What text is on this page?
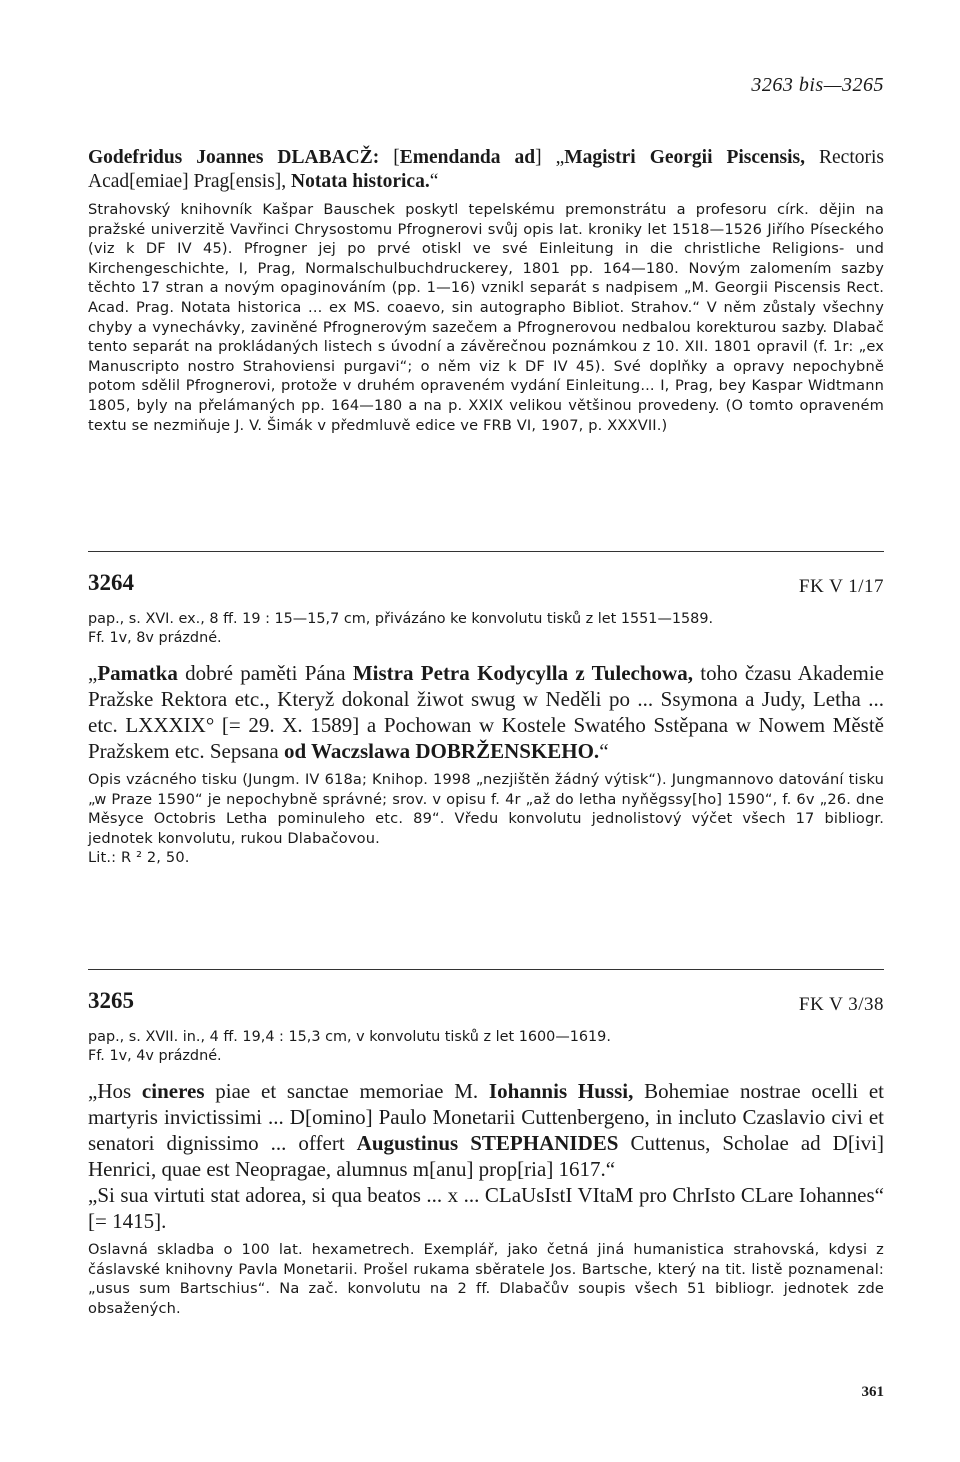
3263 bis—3265

Godefridus Joannes DLABACŽ: [Emendanda ad] „Magistri Georgii Piscensis, Rectoris Acad[emiae] Prag[ensis], Notata historica.“

Strahovský knihovník Kašpar Bauschek poskytl tepelskému premonstrátu a profesoru círk. dějin na pražské univerzitě Vavřinci Chrysostomu Pfrognerovi svůj opis lat. kroniky let 1518—1526 Jiřího Píseckého (viz k DF IV 45). Pfrogner jej po prvé otiskl ve své Einleitung in die christliche Religions- und Kirchengeschichte, I, Prag, Normalschulbuchdruckerey, 1801 pp. 164—180. Novým zalomením sazby těchto 17 stran a novým opaginováním (pp. 1—16) vznikl separát s nadpisem „M. Georgii Piscensis Rect. Acad. Prag. Notata historica ... ex MS. coaevo, sin autographo Bibliot. Strahov.“ V něm zůstaly všechny chyby a vynechávky, zaviněné Pfrognerovým sazečem a Pfrognerovou nedbalou korekturou sazby. Dlabač tento separát na prokládaných listech s úvodní a závěrečnou poznámkou z 10. XII. 1801 opravil (f. 1r: „ex Manuscripto nostro Strahoviensi purgavi“; o něm viz k DF IV 45). Své doplňky a opravy nepochybně potom sdělil Pfrognerovi, protože v druhém opraveném vydání Einleitung... I, Prag, bey Kaspar Widtmann 1805, byly na přelámaných pp. 164—180 a na p. XXIX velikou většinou provedeny. (O tomto opraveném textu se nezmiňuje J. V. Šimák v předmluvě edice ve FRB VI, 1907, p. XXXVII.)

3264	FK V 1/17

pap., s. XVI. ex., 8 ff. 19 : 15—15,7 cm, přivázáno ke konvolutu tisků z let 1551—1589.
Ff. 1v, 8v prázdné.

„Pamatka dobré paměti Pána Mistra Petra Kodycylla z Tulechowa, toho čzasu Akademie Pražske Rektora etc., Kteryž dokonal žiwot swug w Neděli po ... Ssymona a Judy, Letha ... etc. LXXXIX° [= 29. X. 1589] a Pochowan w Kostele Swatého Sstěpana w Nowem Městě Pražskem etc. Sepsana od Waczslawa DOBRŽENSKEHO.“

Opis vzácného tisku (Jungm. IV 618a; Knihop. 1998 „nezjištěn žádný výtisk“). Jungmannovo datování tisku „w Praze 1590“ je nepochybně správné; srov. v opisu f. 4r „až do letha nyňěgssy[ho] 1590“, f. 6v „26. dne Měsyce Octobris Letha pominuleho etc. 89“. Vředu konvolutu jednolistový výčet všech 17 bibliogr. jednotek konvolutu, rukou Dlabačovou.

Lit.: R ² 2, 50.

3265	FK V 3/38

pap., s. XVII. in., 4 ff. 19,4 : 15,3 cm, v konvolutu tisků z let 1600—1619.
Ff. 1v, 4v prázdné.

„Hos cineres piae et sanctae memoriae M. Iohannis Hussi, Bohemiae nostrae ocelli et martyris invictissimi ... D[omino] Paulo Monetarii Cuttenbergeno, in incluto Czaslavio civi et senatori dignissimo ... offert Augustinus STEPHANIDES Cuttenus, Scholae ad D[ivi] Henrici, quae est Neopragae, alumnus m[anu] prop[ria] 1617.“

„Si sua virtuti stat adorea, si qua beatos ... x ... CLaUsIstI VItaM pro ChrIsto CLare Iohannes“ [= 1415].

Oslavná skladba o 100 lat. hexametrech. Exemplář, jako četná jiná humanistica strahovská, kdysi z čáslavské knihovny Pavla Monetarii. Prošel rukama sběratele Jos. Bartsche, který na tit. listě poznamenal: „usus sum Bartschius“. Na zač. konvolutu na 2 ff. Dlabačův soupis všech 51 bibliogr. jednotek zde obsažených.

361
